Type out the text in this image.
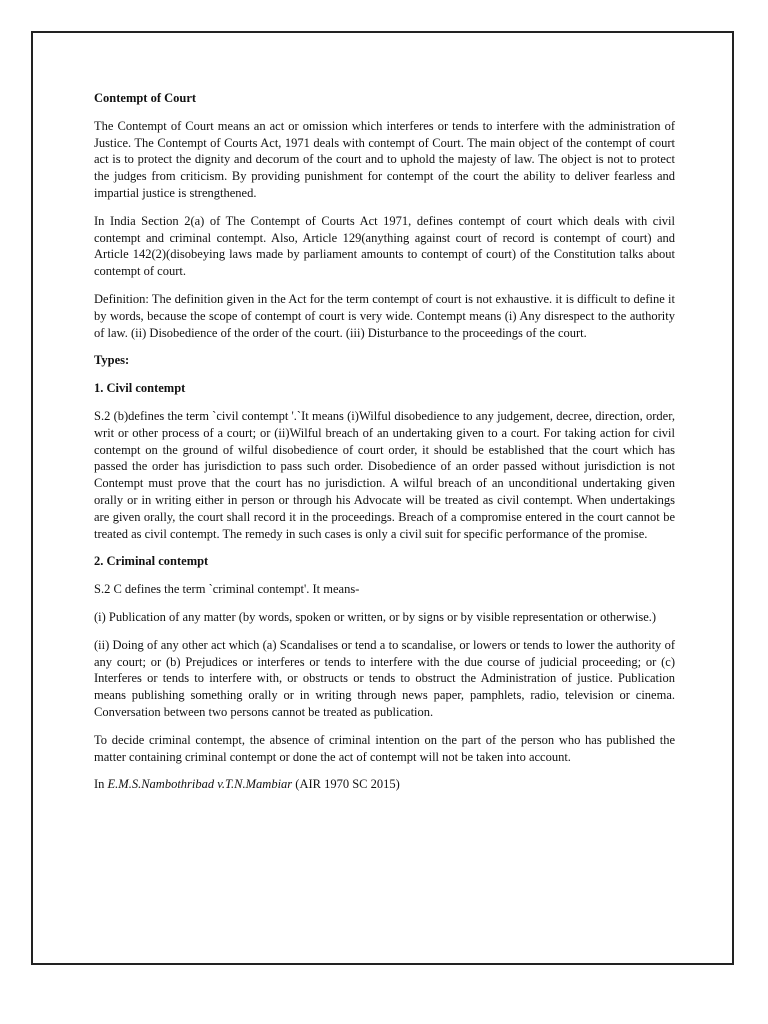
Contempt of Court

The Contempt of Court means an act or omission which interferes or tends to interfere with the administration of Justice. The Contempt of Courts Act, 1971 deals with contempt of Court. The main object of the contempt of court act is to protect the dignity and decorum of the court and to uphold the majesty of law. The object is not to protect the judges from criticism. By providing punishment for contempt of the court the ability to deliver fearless and impartial justice is strengthened.

In India Section 2(a) of The Contempt of Courts Act 1971, defines contempt of court which deals with civil contempt and criminal contempt. Also, Article 129(anything against court of record is contempt of court) and Article 142(2)(disobeying laws made by parliament amounts to contempt of court) of the Constitution talks about contempt of court.

Definition: The definition given in the Act for the term contempt of court is not exhaustive. it is difficult to define it by words, because the scope of contempt of court is very wide. Contempt means (i) Any disrespect to the authority of law. (ii) Disobedience of the order of the court. (iii) Disturbance to the proceedings of the court.

Types:
1. Civil contempt

S.2 (b)defines the term `civil contempt '.`It means (i)Wilful disobedience to any judgement, decree, direction, order, writ or other process of a court; or (ii)Wilful breach of an undertaking given to a court. For taking action for civil contempt on the ground of wilful disobedience of court order, it should be established that the court which has passed the order has jurisdiction to pass such order. Disobedience of an order passed without jurisdiction is not Contempt must prove that the court has no jurisdiction. A wilful breach of an unconditional undertaking given orally or in writing either in person or through his Advocate will be treated as civil contempt. When undertakings are given orally, the court shall record it in the proceedings. Breach of a compromise entered in the court cannot be treated as civil contempt. The remedy in such cases is only a civil suit for specific performance of the promise.

2. Criminal contempt

S.2 C defines the term `criminal contempt'. It means-

(i) Publication of any matter (by words, spoken or written, or by signs or by visible representation or otherwise.)

(ii) Doing of any other act which (a) Scandalises or tend a to scandalise, or lowers or tends to lower the authority of any court; or (b) Prejudices or interferes or tends to interfere with the due course of judicial proceeding; or (c) Interferes or tends to interfere with, or obstructs or tends to obstruct the Administration of justice. Publication means publishing something orally or in writing through news paper, pamphlets, radio, television or cinema. Conversation between two persons cannot be treated as publication.

To decide criminal contempt, the absence of criminal intention on the part of the person who has published the matter containing criminal contempt or done the act of contempt will not be taken into account.

In E.M.S.Nambothribad v.T.N.Mambiar (AIR 1970 SC 2015)
